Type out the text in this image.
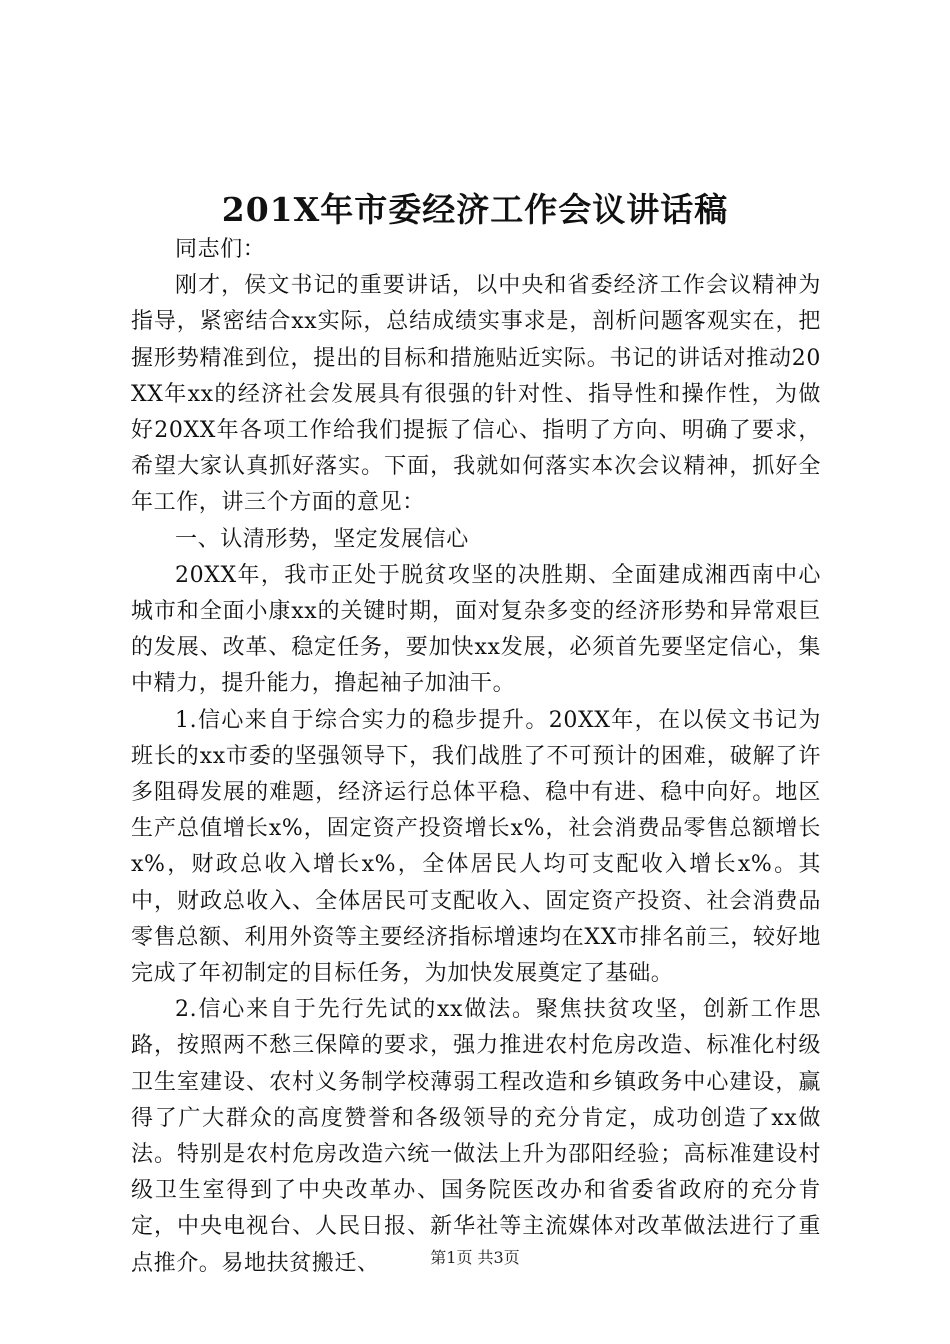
201X年市委经济工作会议讲话稿

同志们：

刚才，侯文书记的重要讲话，以中央和省委经济工作会议精神为指导，紧密结合xx实际，总结成绩实事求是，剖析问题客观实在，把握形势精准到位，提出的目标和措施贴近实际。书记的讲话对推动20XX年xx的经济社会发展具有很强的针对性、指导性和操作性，为做好20XX年各项工作给我们提振了信心、指明了方向、明确了要求，希望大家认真抓好落实。下面，我就如何落实本次会议精神，抓好全年工作，讲三个方面的意见：

一、认清形势，坚定发展信心

20XX年，我市正处于脱贫攻坚的决胜期、全面建成湘西南中心城市和全面小康xx的关键时期，面对复杂多变的经济形势和异常艰巨的发展、改革、稳定任务，要加快xx发展，必须首先要坚定信心，集中精力，提升能力，撸起袖子加油干。

1.信心来自于综合实力的稳步提升。20XX年，在以侯文书记为班长的xx市委的坚强领导下，我们战胜了不可预计的困难，破解了许多阻碍发展的难题，经济运行总体平稳、稳中有进、稳中向好。地区生产总值增长x%，固定资产投资增长x%，社会消费品零售总额增长x%，财政总收入增长x%，全体居民人均可支配收入增长x%。其中，财政总收入、全体居民可支配收入、固定资产投资、社会消费品零售总额、利用外资等主要经济指标增速均在XX市排名前三，较好地完成了年初制定的目标任务，为加快发展奠定了基础。

2.信心来自于先行先试的xx做法。聚焦扶贫攻坚，创新工作思路，按照两不愁三保障的要求，强力推进农村危房改造、标准化村级卫生室建设、农村义务制学校薄弱工程改造和乡镇政务中心建设，赢得了广大群众的高度赞誉和各级领导的充分肯定，成功创造了xx做法。特别是农村危房改造六统一做法上升为邵阳经验；高标准建设村级卫生室得到了中央改革办、国务院医改办和省委省政府的充分肯定，中央电视台、人民日报、新华社等主流媒体对改革做法进行了重点推介。易地扶贫搬迁、	第1页 共3页
